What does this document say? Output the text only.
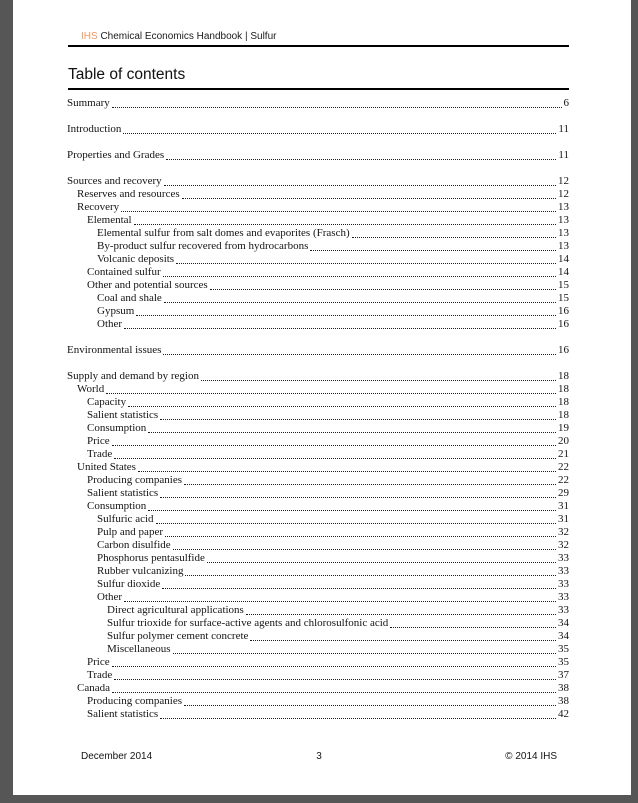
IHS Chemical Economics Handbook | Sulfur
Table of contents
Summary	6
Introduction	11
Properties and Grades	11
Sources and recovery	12
Reserves and resources	12
Recovery	13
Elemental	13
Elemental sulfur from salt domes and evaporites (Frasch)	13
By-product sulfur recovered from hydrocarbons	13
Volcanic deposits	14
Contained sulfur	14
Other and potential sources	15
Coal and shale	15
Gypsum	16
Other	16
Environmental issues	16
Supply and demand by region	18
World	18
Capacity	18
Salient statistics	18
Consumption	19
Price	20
Trade	21
United States	22
Producing companies	22
Salient statistics	29
Consumption	31
Sulfuric acid	31
Pulp and paper	32
Carbon disulfide	32
Phosphorus pentasulfide	33
Rubber vulcanizing	33
Sulfur dioxide	33
Other	33
Direct agricultural applications	33
Sulfur trioxide for surface-active agents and chlorosulfonic acid	34
Sulfur polymer cement concrete	34
Miscellaneous	35
Price	35
Trade	37
Canada	38
Producing companies	38
Salient statistics	42
December 2014	3	© 2014 IHS
